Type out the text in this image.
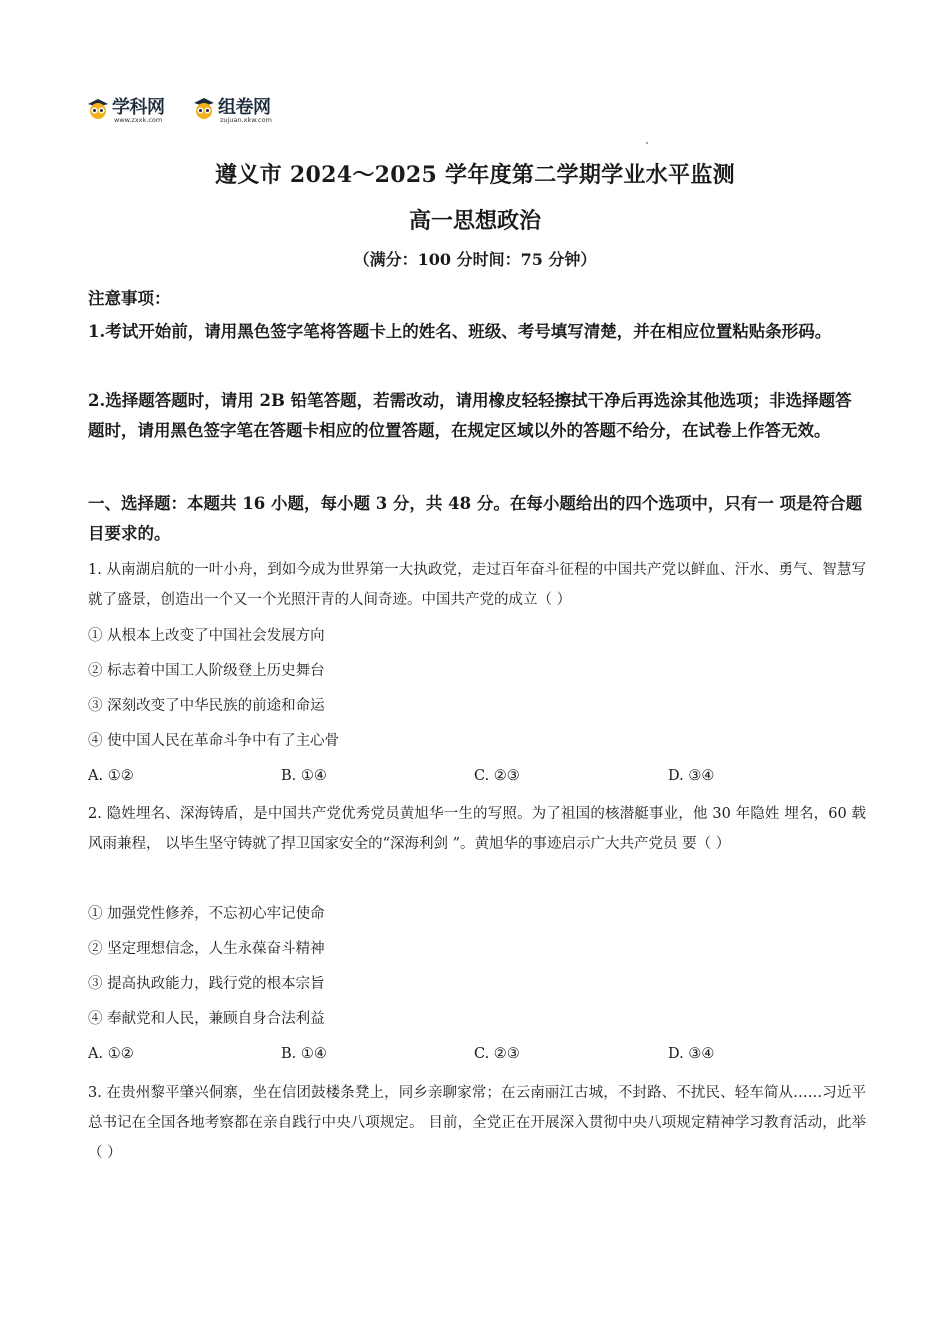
学科网
www.zxxk.com
组卷网
zujuan.xkw.com
遵义市 2024～2025 学年度第二学期学业水平监测
高一思想政治
（满分：100 分时间：75 分钟）
注意事项：
1.考试开始前，请用黑色签字笔将答题卡上的姓名、班级、考号填写清楚，并在相应位置粘贴条形码。
2.选择题答题时，请用 2B 铅笔答题，若需改动，请用橡皮轻轻擦拭干净后再选涂其他选项；非选择题答题时，请用黑色签字笔在答题卡相应的位置答题，在规定区域以外的答题不给分，在试卷上作答无效。
一、选择题：本题共 16 小题，每小题 3 分，共 48 分。在每小题给出的四个选项中，只有一 项是符合题目要求的。
1. 从南湖启航的一叶小舟，到如今成为世界第一大执政党，走过百年奋斗征程的中国共产党以鲜血、汗水、勇气、智慧写就了盛景，创造出一个又一个光照汗青的人间奇迹。中国共产党的成立（ ）
① 从根本上改变了中国社会发展方向
② 标志着中国工人阶级登上历史舞台
③ 深刻改变了中华民族的前途和命运
④ 使中国人民在革命斗争中有了主心骨
A. ①②	B. ①④	C. ②③	D. ③④
2. 隐姓埋名、深海铸盾，是中国共产党优秀党员黄旭华一生的写照。为了祖国的核潜艇事业，他 30 年隐姓 埋名，60 载风雨兼程， 以毕生坚守铸就了捍卫国家安全的“深海利剑 ”。黄旭华的事迹启示广大共产党员 要（ ）
① 加强党性修养，不忘初心牢记使命
② 坚定理想信念，人生永葆奋斗精神
③ 提高执政能力，践行党的根本宗旨
④ 奉献党和人民，兼顾自身合法利益
A. ①②	B. ①④	C. ②③	D. ③④
3. 在贵州黎平肇兴侗寨，坐在信团鼓楼条凳上，同乡亲聊家常；在云南丽江古城，不封路、不扰民、轻车简从……习近平总书记在全国各地考察都在亲自践行中央八项规定。 目前，全党正在开展深入贯彻中央八项规定精神学习教育活动，此举（ ）
